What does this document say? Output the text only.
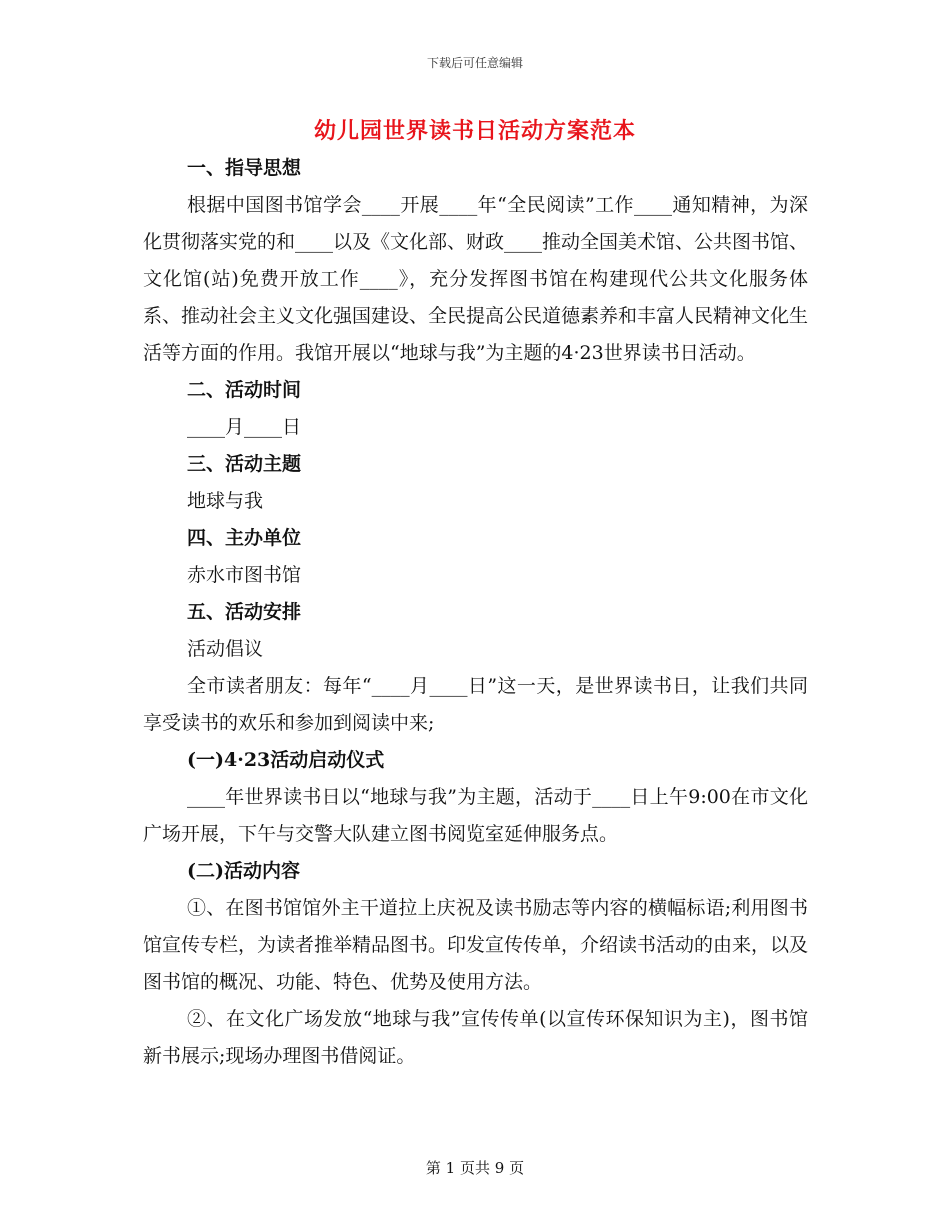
下载后可任意编辑
幼儿园世界读书日活动方案范本
一、指导思想
根据中国图书馆学会____开展____年“全民阅读”工作____通知精神，为深化贯彻落实党的和____以及《文化部、财政____推动全国美术馆、公共图书馆、文化馆(站)免费开放工作____》，充分发挥图书馆在构建现代公共文化服务体系、推动社会主义文化强国建设、全民提高公民道德素养和丰富人民精神文化生活等方面的作用。我馆开展以“地球与我”为主题的4·23世界读书日活动。
二、活动时间
____月____日
三、活动主题
地球与我
四、主办单位
赤水市图书馆
五、活动安排
活动倡议
全市读者朋友：每年“____月____日”这一天，是世界读书日，让我们共同享受读书的欢乐和参加到阅读中来;
(一)4·23活动启动仪式
____年世界读书日以“地球与我”为主题，活动于____日上午9:00在市文化广场开展，下午与交警大队建立图书阅览室延伸服务点。
(二)活动内容
①、在图书馆馆外主干道拉上庆祝及读书励志等内容的横幅标语;利用图书馆宣传专栏，为读者推举精品图书。印发宣传传单，介绍读书活动的由来，以及图书馆的概况、功能、特色、优势及使用方法。
②、在文化广场发放“地球与我”宣传传单(以宣传环保知识为主)，图书馆新书展示;现场办理图书借阅证。
第 1 页共 9 页
